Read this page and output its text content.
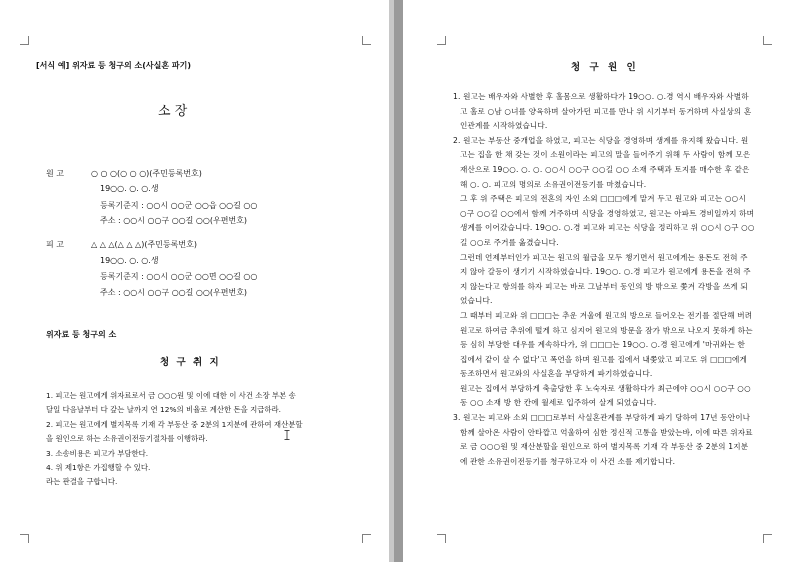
[서식 예] 위자료 등 청구의 소(사실혼 파기)
소 장
원 고	○ ○ ○(○ ○ ○)(주민등록번호)
19○○. ○. ○.생
등록기준지 : ○○시 ○○군 ○○읍 ○○길 ○○
주소 : ○○시 ○○구 ○○길 ○○(우편번호)
피 고	△ △ △(△ △ △)(주민등록번호)
19○○. ○. ○.생
등록기준지 : ○○시 ○○군 ○○면 ○○길 ○○
주소 : ○○시 ○○구 ○○길 ○○(우편번호)
위자료 등 청구의 소
청 구 취 지
1. 피고는 원고에게 위자료로서 금 ○○○원 및 이에 대한 이 사건 소장 부본 송
달일 다음날부터 다 갚는 날까지 연 12%의 비율로 계산한 돈을 지급하라.
2. 피고는 원고에게 별지목록 기재 각 부동산 중 2분의 1지분에 관하여 재산분할
을 원인으로 하는 소유권이전등기절차를 이행하라.
3. 소송비용은 피고가 부담한다.
4. 위 제1항은 가집행할 수 있다.
라는 판결을 구합니다.
청 구 원 인

1. 원고는 배우자와 사별한 후 홀몸으로 생활하다가 19○○. ○.경 역시 배우자와 사별하고 홀로 ○남 ○녀를 양육하며 살아가던 피고를 만나 위 시기부터 동거하며 사실상의 혼인관계를 시작하였습니다.

2. 원고는 부동산 중개업을 하였고, 피고는 식당을 경영하며 생계를 유지해 왔습니다. 원고는 집을 한 채 갖는 것이 소원이라는 피고의 말을 들어주기 위해 두 사람이 함께 모은 재산으로 19○○. ○. ○. ○○시 ○○구 ○○길 ○○ 소재 주택과 토지를 매수한 후 같은 해 ○. ○. 피고의 명의로 소유권이전등기를 마쳤습니다.

그 후 위 주택은 피고의 전혼의 자인 소외 □□□에게 맡겨 두고 원고와 피고는 ○○시 ○구 ○○길 ○○에서 함께 거주하며 식당을 경영하였고, 원고는 아파트 경비일까지 하며 생계를 이어갔습니다. 19○○. ○.경 피고와 피고는 식당을 정리하고 위 ○○시 ○구 ○○길 ○○로 주거를 옮겼습니다.

그런데 언제부터인가 피고는 원고의 월급을 모두 챙기면서 원고에게는 용돈도 전혀 주지 않아 갈등이 생기기 시작하였습니다. 19○○. ○.경 피고가 원고에게 용돈을 전혀 주지 않는다고 항의를 하자 피고는 바로 그날부터 동인의 방 밖으로 쫓겨 각방을 쓰게 되었습니다.

그 때부터 피고와 위 □□□는 추운 겨울에 원고의 방으로 들어오는 전기를 절단해 버려 원고로 하여금 추위에 떨게 하고 심지어 원고의 방문을 잠가 밖으로 나오지 못하게 하는 등 심히 부당한 대우를 계속하다가, 위 □□□는 19○○. ○.경 원고에게 '마귀와는 한 집에서 같이 살 수 없다'고 폭언을 하며 원고를 집에서 내쫓았고 피고도 위 □□□에게 동조하면서 원고와의 사실혼을 부당하게 파기하였습니다.

원고는 집에서 부당하게 축출당한 후 노숙자로 생활하다가 최근에야 ○○시 ○○구 ○○동 ○○ 소재 방 한 칸에 월세로 입주하여 살게 되었습니다.

3. 원고는 피고와 소외 □□□로부터 사실혼관계를 부당하게 파기 당하여 17년 동안이나 함께 살아온 사람이 안타깝고 억울하여 심한 정신적 고통을 받았는바, 이에 따른 위자료로 금 ○○○원 및 재산분할을 원인으로 하여 별지목록 기재 각 부동산 중 2분의 1지분에 관한 소유권이전등기를 청구하고자 이 사건 소를 제기합니다.
